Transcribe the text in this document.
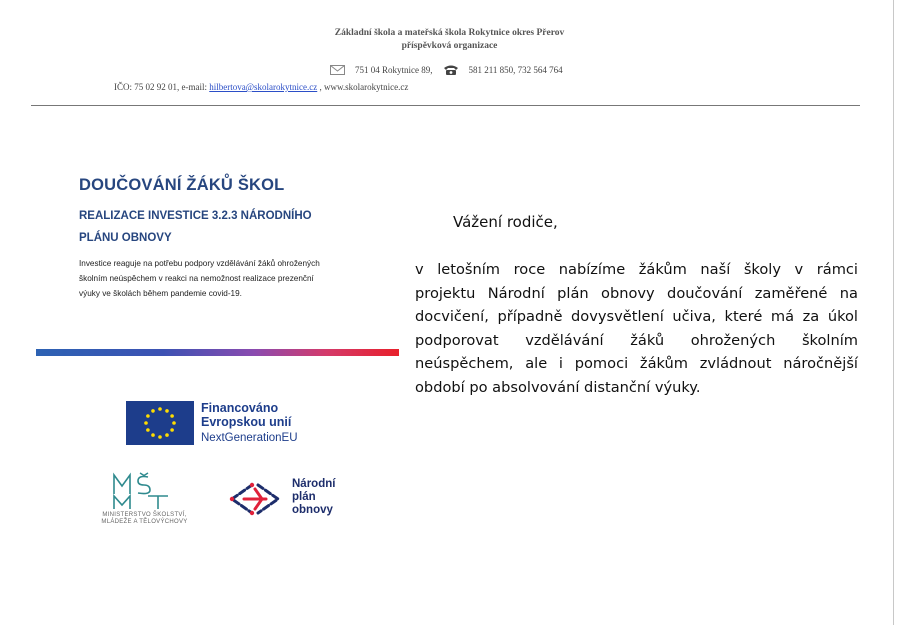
Základní škola a mateřská škola Rokytnice okres Přerov
příspěvková organizace
751 04 Rokytnice 89,	581 211 850, 732 564 764
IČO: 75 02 92 01, e-mail: hilbertova@skolarokytnice.cz , www.skolarokytnice.cz
DOUČOVÁNÍ ŽÁKŮ ŠKOL
REALIZACE INVESTICE 3.2.3 NÁRODNÍHO
PLÁNU OBNOVY
Investice reaguje na potřebu podpory vzdělávání žáků ohrožených
školním neúspěchem v reakci na nemožnost realizace prezenční
výuky ve školách během pandemie covid-19.
Financováno
Evropskou unií
NextGenerationEU
MINISTERSTVO ŠKOLSTVÍ,
MLÁDEŽE A TĚLOVÝCHOVY
Národní
plán
obnovy
Vážení rodiče,
v letošním roce nabízíme žákům naší školy v rámci
projektu Národní plán obnovy doučování zaměřené na
docvičení, případně dovysvětlení učiva, které má za úkol
podporovat vzdělávání žáků ohrožených školním
neúspěchem, ale i pomoci žákům zvládnout náročnější
období po absolvování distanční výuky.
